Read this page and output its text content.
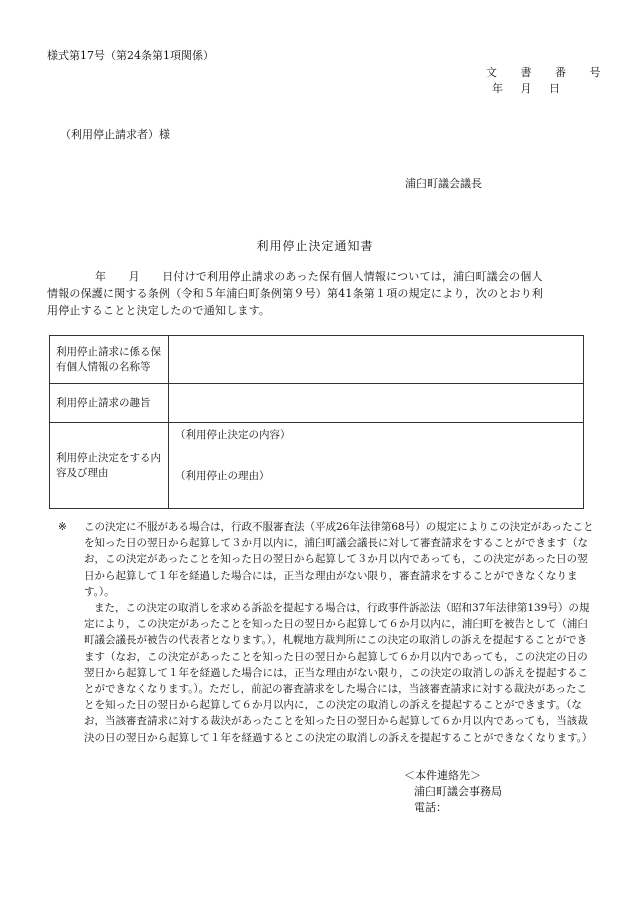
様式第17号（第24条第1項関係）
文 書 番 号
年 月 日
（利用停止請求者）様
浦臼町議会議長
利用停止決定通知書

年　　月　　日付けで利用停止請求のあった保有個人情報については，浦臼町議会の個人

情報の保護に関する条例（令和５年浦臼町条例第９号）第41条第１項の規定により，次のとおり利

用停止することと決定したので通知します。

利用停止請求に係る保有個人情報の名称等	
利用停止請求の趣旨	
利用停止決定をする内容及び理由	（利用停止決定の内容）
（利用停止の理由）
※ この決定に不服がある場合は，行政不服審査法（平成26年法律第68号）の規定によりこの決定があったことを知った日の翌日から起算して３か月以内に，浦臼町議会議長に対して審査請求をすることができます（なお，この決定があったことを知った日の翌日から起算して３か月以内であっても，この決定があった日の翌日から起算して１年を経過した場合には，正当な理由がない限り，審査請求をすることができなくなります。）。

また，この決定の取消しを求める訴訟を提起する場合は，行政事件訴訟法（昭和37年法律第139号）の規定により，この決定があったことを知った日の翌日から起算して６か月以内に，浦臼町を被告として（浦臼町議会議長が被告の代表者となります。），札幌地方裁判所にこの決定の取消しの訴えを提起することができます（なお，この決定があったことを知った日の翌日から起算して６か月以内であっても，この決定の日の翌日から起算して１年を経過した場合には，正当な理由がない限り，この決定の取消しの訴えを提起することができなくなります。）。ただし，前記の審査請求をした場合には，当該審査請求に対する裁決があったことを知った日の翌日から起算して６か月以内に，この決定の取消しの訴えを提起することができます。（なお，当該審査請求に対する裁決があったことを知った日の翌日から起算して６か月以内であっても，当該裁決の日の翌日から起算して１年を経過するとこの決定の取消しの訴えを提起することができなくなります。）

＜本件連絡先＞
浦臼町議会事務局
電話：
